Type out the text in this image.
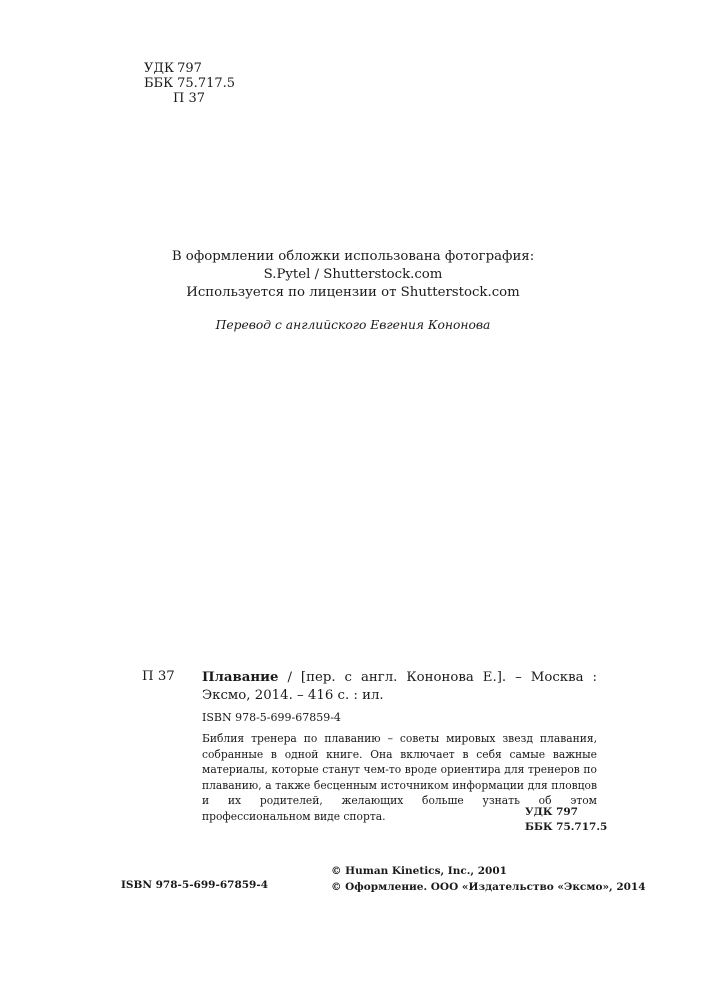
УДК 797
ББК 75.717.5
П 37
В оформлении обложки использована фотография:
S.Pytel / Shutterstock.com
Используется по лицензии от Shutterstock.com
Перевод с английского Евгения Кононова
П 37 Плавание / [пер. с англ. Кононова Е.]. – Москва : Эксмо, 2014. – 416 с. : ил.
ISBN 978-5-699-67859-4
Библия тренера по плаванию – советы мировых звезд плавания, собранные в одной книге. Она включает в себя самые важные материалы, которые станут чем-то вроде ориентира для тренеров по плаванию, а также бесценным источником информации для пловцов и их родителей, желающих больше узнать об этом профессиональном виде спорта.	УДК 797
ББК 75.717.5
ISBN 978-5-699-67859-4
© Human Kinetics, Inc., 2001
© Оформление. ООО «Издательство «Эксмо», 2014
